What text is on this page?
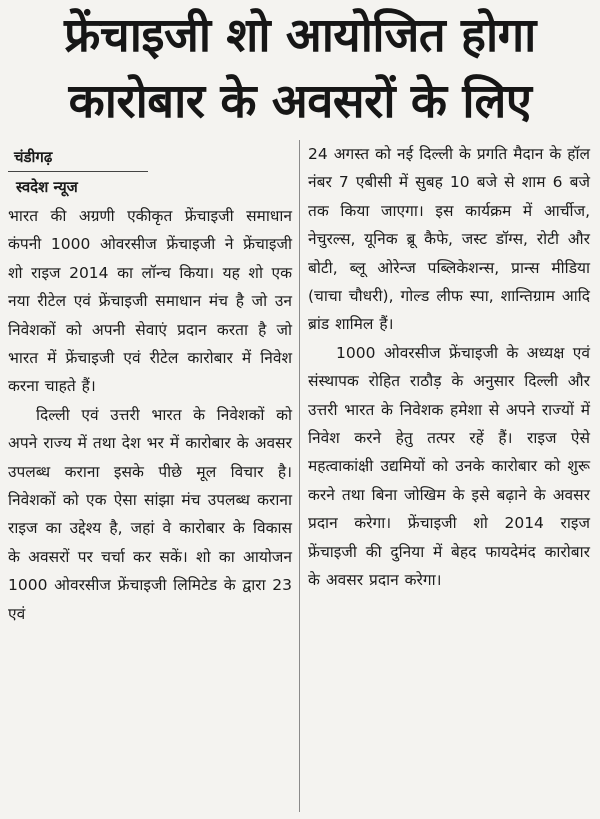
फ्रेंचाइजी शो आयोजित होगा
कारोबार के अवसरों के लिए
चंडीगढ़
स्वदेश न्यूज

भारत की अग्रणी एकीकृत फ्रेंचाइजी समाधान कंपनी 1000 ओवरसीज फ्रेंचाइजी ने फ्रेंचाइजी शो राइज 2014 का लॉन्च किया। यह शो एक नया रीटेल एवं फ्रेंचाइजी समाधान मंच है जो उन निवेशकों को अपनी सेवाएं प्रदान करता है जो भारत में फ्रेंचाइजी एवं रीटेल कारोबार में निवेश करना चाहते हैं।

दिल्ली एवं उत्तरी भारत के निवेशकों को अपने राज्य में तथा देश भर में कारोबार के अवसर उपलब्ध कराना इसके पीछे मूल विचार है। निवेशकों को एक ऐसा सांझा मंच उपलब्ध कराना राइज का उद्देश्य है, जहां वे कारोबार के विकास के अवसरों पर चर्चा कर सकें। शो का आयोजन 1000 ओवरसीज फ्रेंचाइजी लिमिटेड के द्वारा 23 एवं

24 अगस्त को नई दिल्ली के प्रगति मैदान के हॉल नंबर 7 एबीसी में सुबह 10 बजे से शाम 6 बजे तक किया जाएगा। इस कार्यक्रम में आर्चीज, नेचुरल्स, यूनिक ब्रू कैफे, जस्ट डॉग्स, रोटी और बोटी, ब्लू ओरेन्ज पब्लिकेशन्स, प्रान्स मीडिया (चाचा चौधरी), गोल्ड लीफ स्पा, शान्तिग्राम आदि ब्रांड शामिल हैं।

1000 ओवरसीज फ्रेंचाइजी के अध्यक्ष एवं संस्थापक रोहित राठौड़ के अनुसार दिल्ली और उत्तरी भारत के निवेशक हमेशा से अपने राज्यों में निवेश करने हेतु तत्पर रहें हैं। राइज ऐसे महत्वाकांक्षी उद्यमियों को उनके कारोबार को शुरू करने तथा बिना जोखिम के इसे बढ़ाने के अवसर प्रदान करेगा। फ्रेंचाइजी शो 2014 राइज फ्रेंचाइजी की दुनिया में बेहद फायदेमंद कारोबार के अवसर प्रदान करेगा।
